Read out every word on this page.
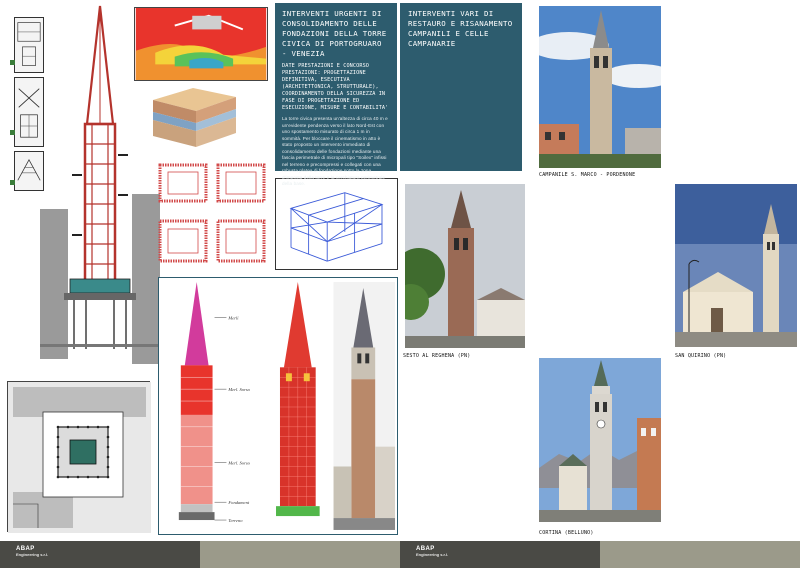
INTERVENTI URGENTI DI CONSOLIDAMENTO DELLE FONDAZIONI DELLA TORRE CIVICA DI PORTOGRUARO - VENEZIA
DATE PRESTAZIONI E CONCORSO PRESTAZIONI: PROGETTAZIONE DEFINITIVA, ESECUTIVA (ARCHITETTONICA, STRUTTURALE), COORDINAMENTO DELLA SICUREZZA IN FASE DI PROGETTAZIONE ED ESECUZIONE, MISURE E CONTABILITA'
La torre civica presenta un'altezza di circa 40 m e un'evidente pendenza verso il lato Nord-Est con uno spostamento misurato di circa 1 m in sommità. Per bloccare il cinematismo in atto è stato proposto un intervento immediato di consolidamento delle fondazioni mediante una fascia perimetrale di micropali tipo "Soilex" infissi nel terreno e precompressi e collegati con una robusta platea di fondazione sotto la zona d'imposta della torre e la cerchiatura perimetrale della base.
Merli
Merl. Sorso
Merl. Sorso
Fondament
Terreno
INTERVENTI VARI DI RESTAURO E RISANAMENTO CAMPANILI E CELLE CAMPANARIE
CAMPANILE S. MARCO - PORDENONE
SESTO AL REGHENA (PN)	SAN QUIRINO (PN)
CORTINA (BELLUNO)
ABAP
Engineering s.r.l.
ABAP
Engineering s.r.l.
